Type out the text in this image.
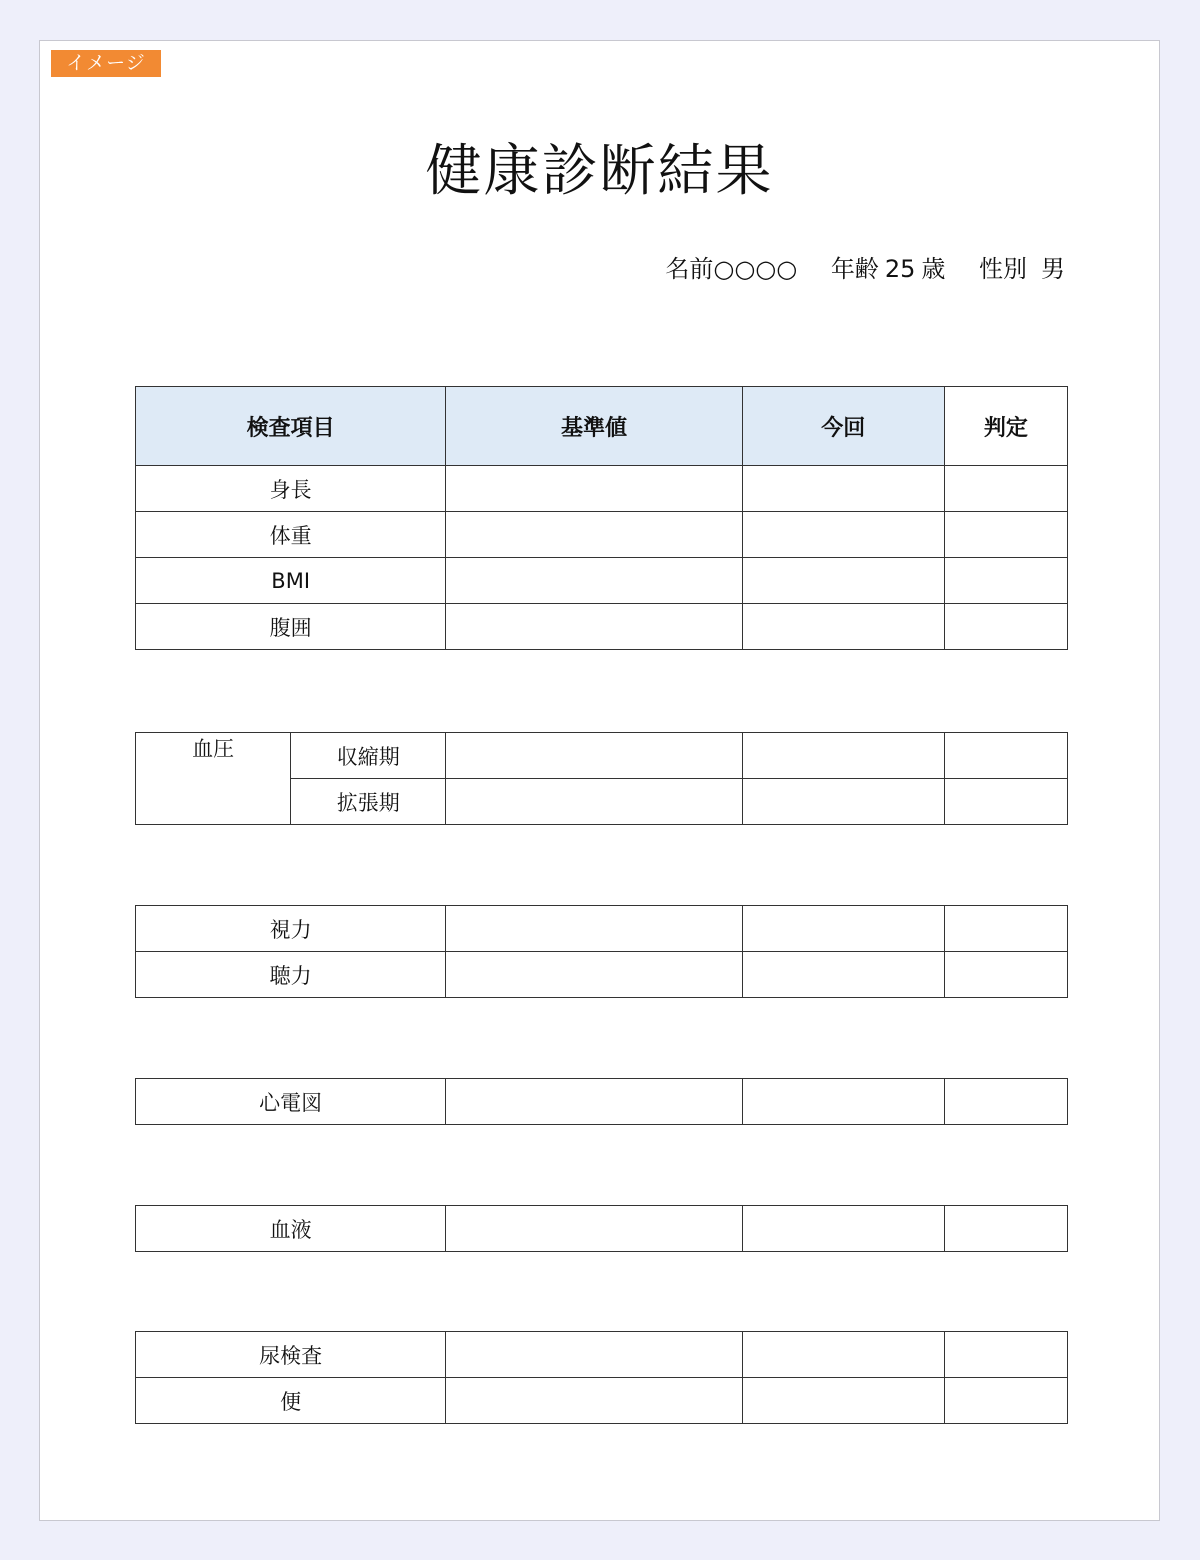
イメージ
健康診断結果
名前○○○○ 年齢 25 歳 性別 男
検査項目	基準値	今回	判定
身長			
体重			
BMI			
腹囲			
血圧	収縮期			
	拡張期			
視力			
聴力			
心電図			
血液			
尿検査			
便			
